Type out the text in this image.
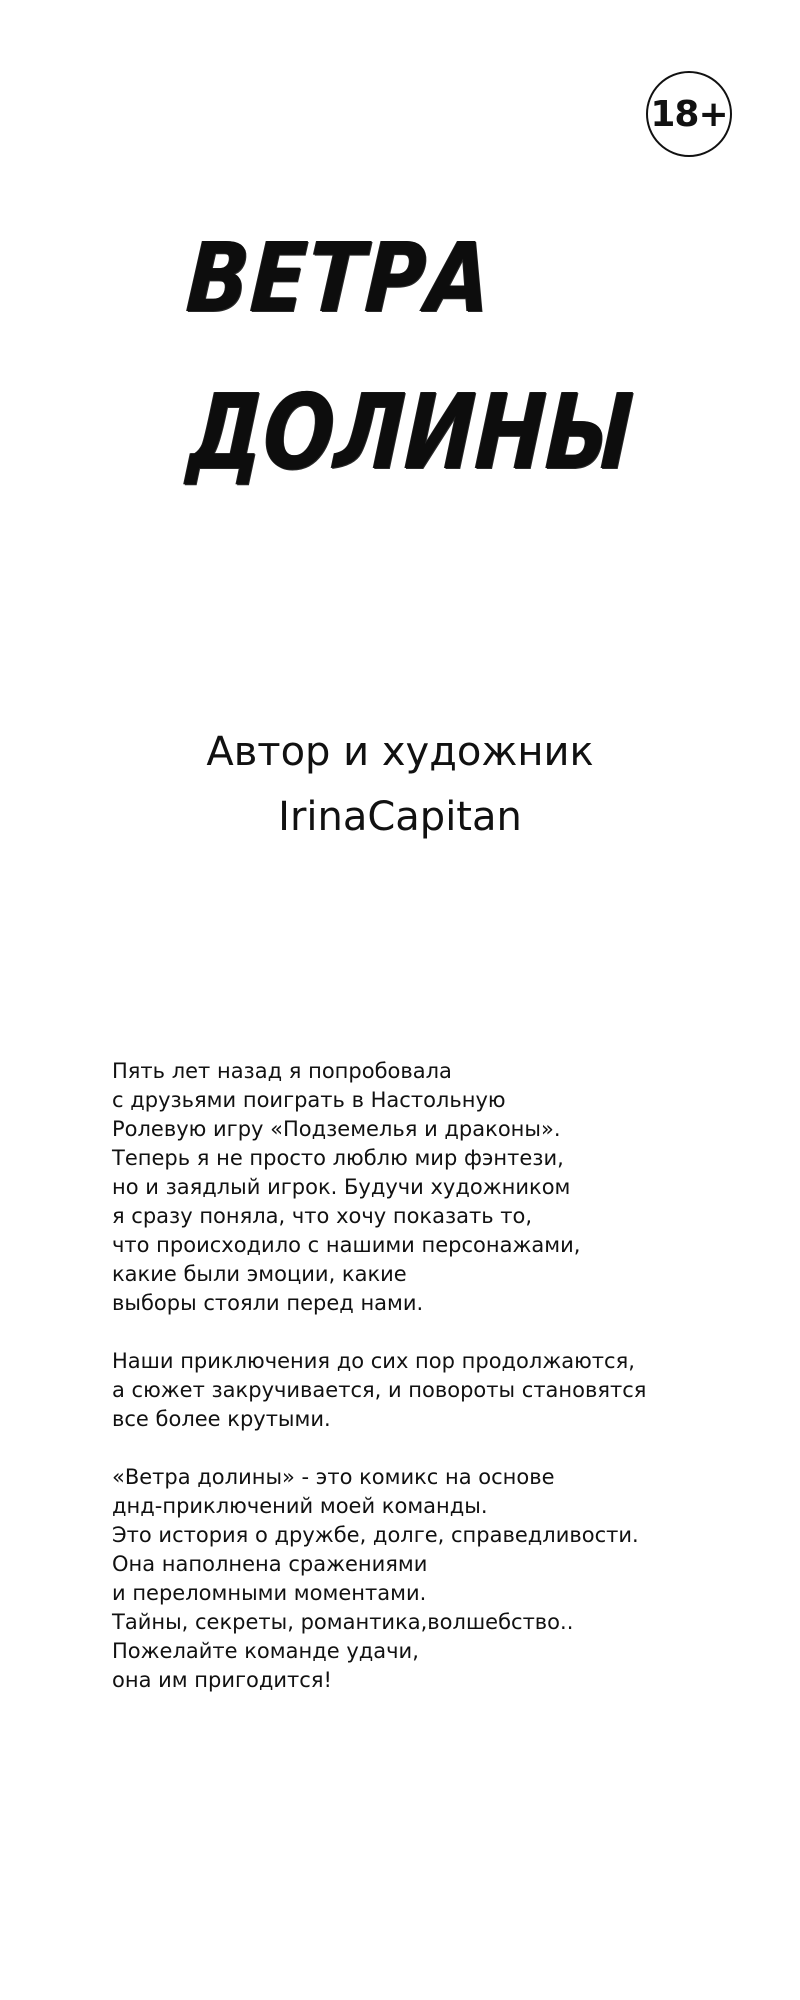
18+
ВЕТРА
ДОЛИНЫ
Автор и художник
IrinaCapitan

Пять лет назад я попробовала
с друзьями поиграть в Настольную
Ролевую игру «Подземелья и драконы».
Теперь я не просто люблю мир фэнтези,
но и заядлый игрок. Будучи художником
я сразу поняла, что хочу показать то,
что происходило с нашими персонажами,
какие были эмоции, какие
выборы стояли перед нами.

Наши приключения до сих пор продолжаются,
а сюжет закручивается, и повороты становятся
все более крутыми.

«Ветра долины» - это комикс на основе
днд-приключений моей команды.
Это история о дружбе, долге, справедливости.
Она наполнена сражениями
и переломными моментами.
Тайны, секреты, романтика,волшебство..
Пожелайте команде удачи,
она им пригодится!
